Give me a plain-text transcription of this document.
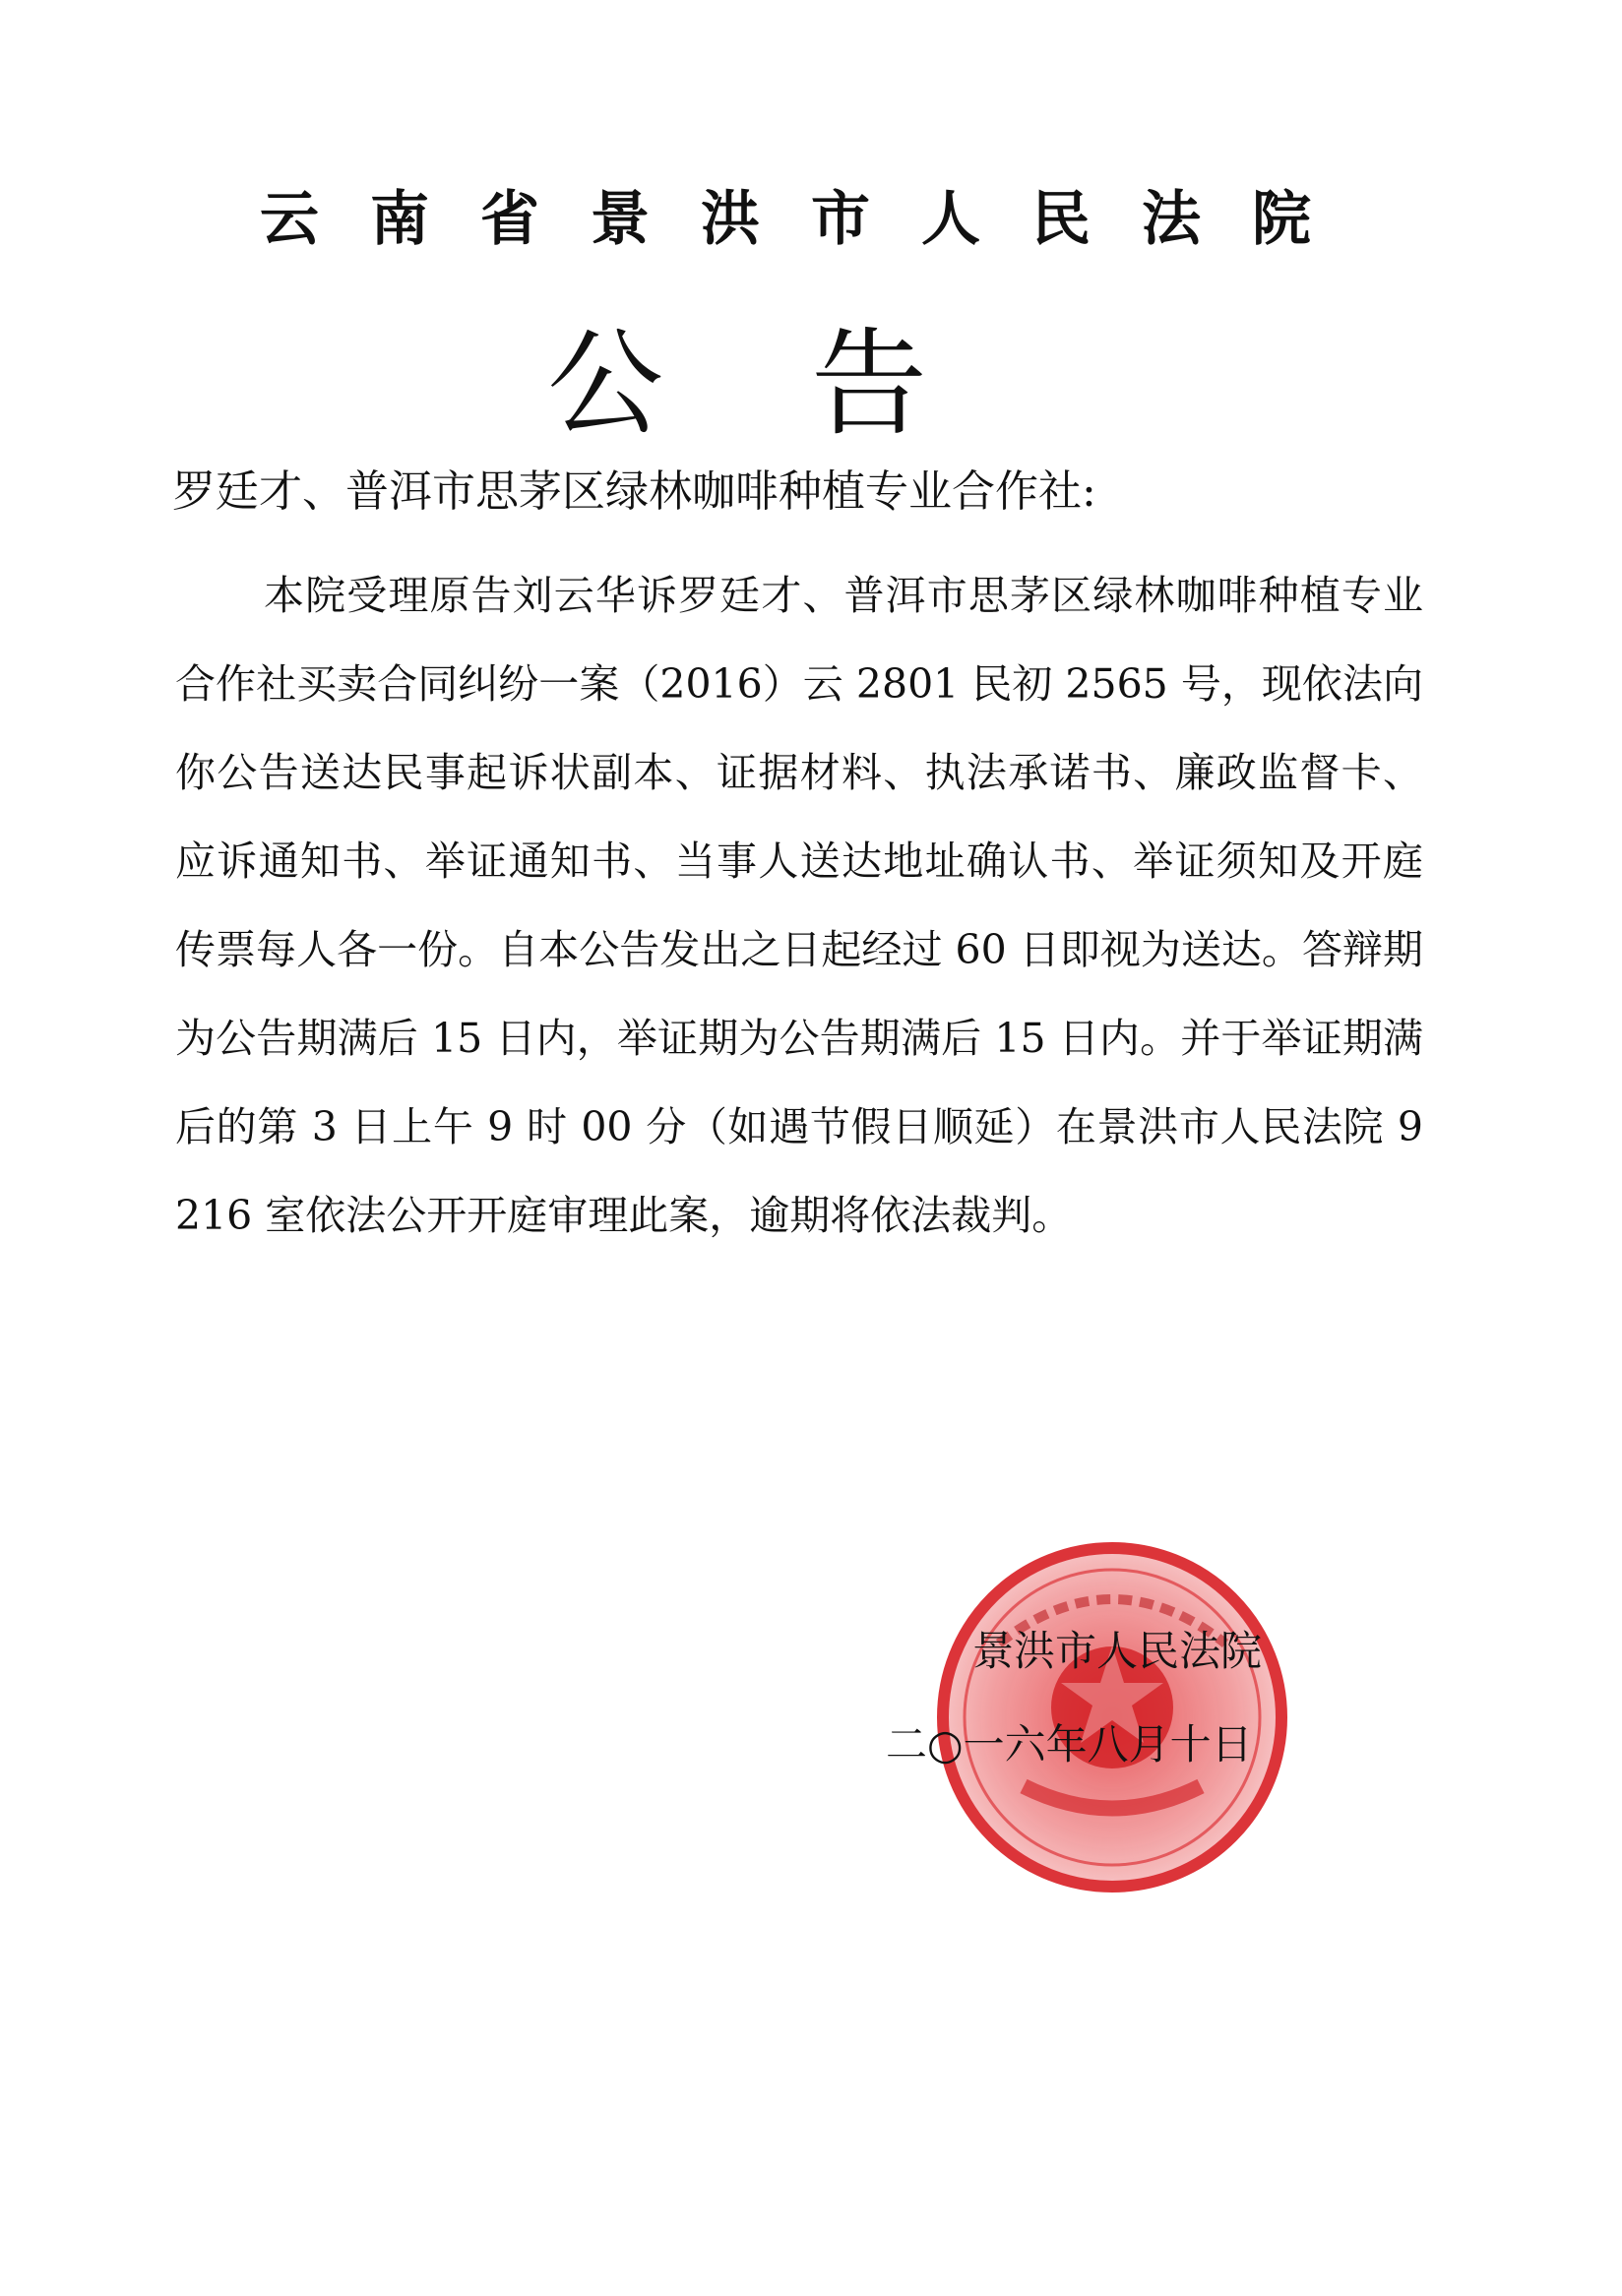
云南省景洪市人民法院
公告
罗廷才、普洱市思茅区绿林咖啡种植专业合作社:
本院受理原告刘云华诉罗廷才、普洱市思茅区绿林咖啡种植专业合作社买卖合同纠纷一案（2016）云 2801 民初 2565 号，现依法向你公告送达民事起诉状副本、证据材料、执法承诺书、廉政监督卡、应诉通知书、举证通知书、当事人送达地址确认书、举证须知及开庭传票每人各一份。自本公告发出之日起经过 60 日即视为送达。答辩期为公告期满后 15 日内，举证期为公告期满后 15 日内。并于举证期满后的第 3 日上午 9 时 00 分（如遇节假日顺延）在景洪市人民法院 9216 室依法公开开庭审理此案，逾期将依法裁判。
景洪市人民法院
二○一六年八月十日
